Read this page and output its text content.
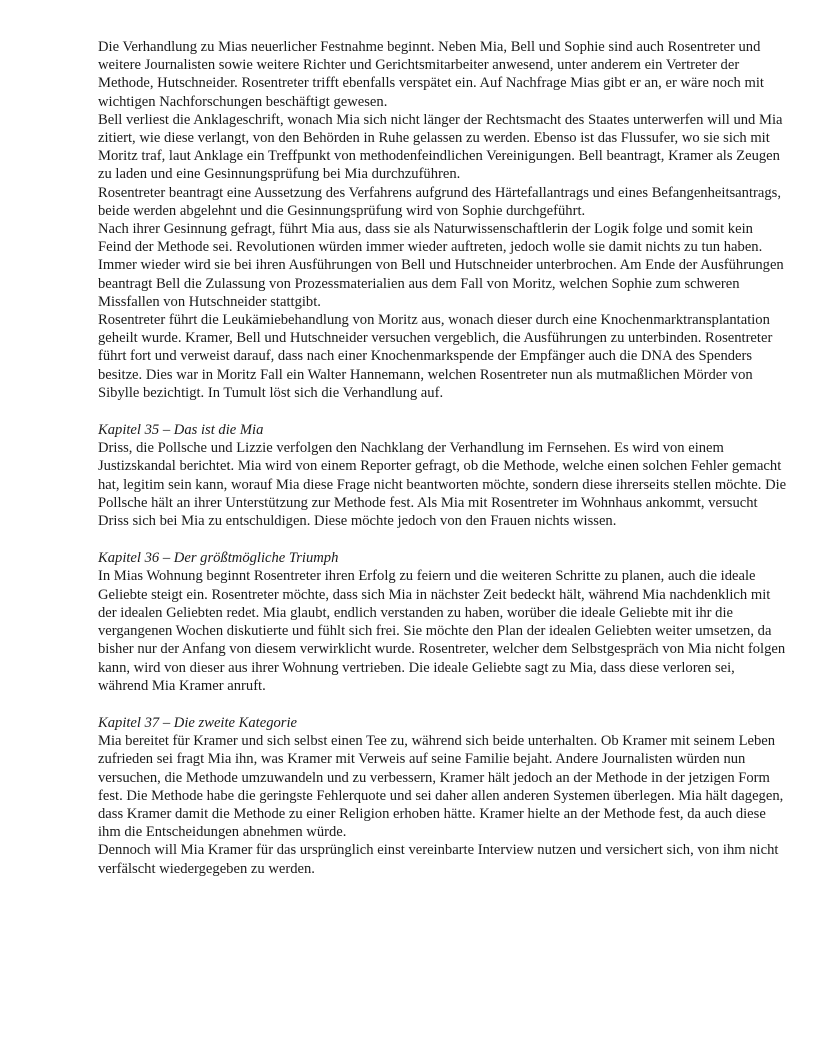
Die Verhandlung zu Mias neuerlicher Festnahme beginnt. Neben Mia, Bell und Sophie sind auch Rosentreter und weitere Journalisten sowie weitere Richter und Gerichtsmitarbeiter anwesend, unter anderem ein Vertreter der Methode, Hutschneider. Rosentreter trifft ebenfalls verspätet ein. Auf Nachfrage Mias gibt er an, er wäre noch mit wichtigen Nachforschungen beschäftigt gewesen.

Bell verliest die Anklageschrift, wonach Mia sich nicht länger der Rechtsmacht des Staates unterwerfen will und Mia zitiert, wie diese verlangt, von den Behörden in Ruhe gelassen zu werden. Ebenso ist das Flussufer, wo sie sich mit Moritz traf, laut Anklage ein Treffpunkt von methodenfeindlichen Vereinigungen. Bell beantragt, Kramer als Zeugen zu laden und eine Gesinnungsprüfung bei Mia durchzuführen.

Rosentreter beantragt eine Aussetzung des Verfahrens aufgrund des Härtefallantrags und eines Befangenheitsantrags, beide werden abgelehnt und die Gesinnungsprüfung wird von Sophie durchgeführt.

Nach ihrer Gesinnung gefragt, führt Mia aus, dass sie als Naturwissenschaftlerin der Logik folge und somit kein Feind der Methode sei. Revolutionen würden immer wieder auftreten, jedoch wolle sie damit nichts zu tun haben. Immer wieder wird sie bei ihren Ausführungen von Bell und Hutschneider unterbrochen. Am Ende der Ausführungen beantragt Bell die Zulassung von Prozessmaterialien aus dem Fall von Moritz, welchen Sophie zum schweren Missfallen von Hutschneider stattgibt.

Rosentreter führt die Leukämiebehandlung von Moritz aus, wonach dieser durch eine Knochenmarktransplantation geheilt wurde. Kramer, Bell und Hutschneider versuchen vergeblich, die Ausführungen zu unterbinden. Rosentreter führt fort und verweist darauf, dass nach einer Knochenmarkspende der Empfänger auch die DNA des Spenders besitze. Dies war in Moritz Fall ein Walter Hannemann, welchen Rosentreter nun als mutmaßlichen Mörder von Sibylle bezichtigt. In Tumult löst sich die Verhandlung auf.

Kapitel 35 – Das ist die Mia

Driss, die Pollsche und Lizzie verfolgen den Nachklang der Verhandlung im Fernsehen. Es wird von einem Justizskandal berichtet. Mia wird von einem Reporter gefragt, ob die Methode, welche einen solchen Fehler gemacht hat, legitim sein kann, worauf Mia diese Frage nicht beantworten möchte, sondern diese ihrerseits stellen möchte. Die Pollsche hält an ihrer Unterstützung zur Methode fest. Als Mia mit Rosentreter im Wohnhaus ankommt, versucht Driss sich bei Mia zu entschuldigen. Diese möchte jedoch von den Frauen nichts wissen.

Kapitel 36 – Der größtmögliche Triumph

In Mias Wohnung beginnt Rosentreter ihren Erfolg zu feiern und die weiteren Schritte zu planen, auch die ideale Geliebte steigt ein. Rosentreter möchte, dass sich Mia in nächster Zeit bedeckt hält, während Mia nachdenklich mit der idealen Geliebten redet. Mia glaubt, endlich verstanden zu haben, worüber die ideale Geliebte mit ihr die vergangenen Wochen diskutierte und fühlt sich frei. Sie möchte den Plan der idealen Geliebten weiter umsetzen, da bisher nur der Anfang von diesem verwirklicht wurde. Rosentreter, welcher dem Selbstgespräch von Mia nicht folgen kann, wird von dieser aus ihrer Wohnung vertrieben. Die ideale Geliebte sagt zu Mia, dass diese verloren sei, während Mia Kramer anruft.

Kapitel 37 – Die zweite Kategorie

Mia bereitet für Kramer und sich selbst einen Tee zu, während sich beide unterhalten. Ob Kramer mit seinem Leben zufrieden sei fragt Mia ihn, was Kramer mit Verweis auf seine Familie bejaht. Andere Journalisten würden nun versuchen, die Methode umzuwandeln und zu verbessern, Kramer hält jedoch an der Methode in der jetzigen Form fest. Die Methode habe die geringste Fehlerquote und sei daher allen anderen Systemen überlegen. Mia hält dagegen, dass Kramer damit die Methode zu einer Religion erhoben hätte. Kramer hielte an der Methode fest, da auch diese ihm die Entscheidungen abnehmen würde.

Dennoch will Mia Kramer für das ursprünglich einst vereinbarte Interview nutzen und versichert sich, von ihm nicht verfälscht wiedergegeben zu werden.
